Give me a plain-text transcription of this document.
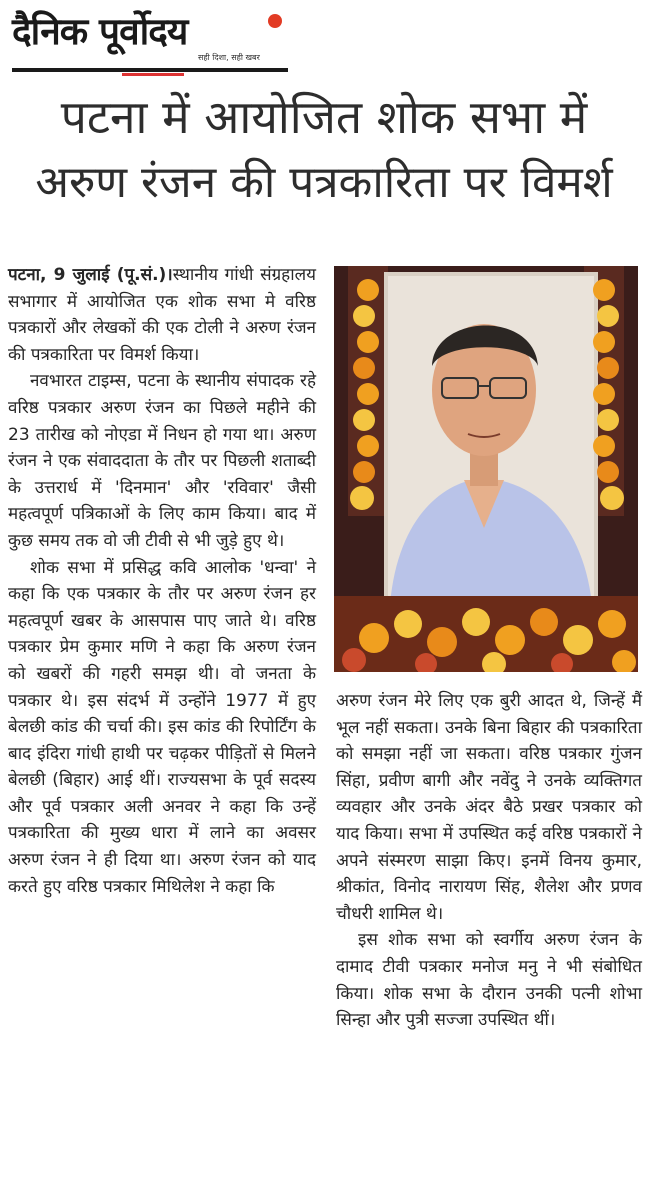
दैनिक पूर्वोदय
सही दिशा, सही खबर
पटना में आयोजित शोक सभा में
अरुण रंजन की पत्रकारिता पर विमर्श

पटना, 9 जुलाई (पू.सं.)।स्थानीय गांधी संग्रहालय सभागार में आयोजित एक शोक सभा मे वरिष्ठ पत्रकारों और लेखकों की एक टोली ने अरुण रंजन की पत्रकारिता पर विमर्श किया।

नवभारत टाइम्स, पटना के स्थानीय संपादक रहे वरिष्ठ पत्रकार अरुण रंजन का पिछले महीने की 23 तारीख को नोएडा में निधन हो गया था। अरुण रंजन ने एक संवाददाता के तौर पर पिछली शताब्दी के उत्तरार्ध में 'दिनमान' और 'रविवार' जैसी महत्वपूर्ण पत्रिकाओं के लिए काम किया। बाद में कुछ समय तक वो जी टीवी से भी जुड़े हुए थे।

शोक सभा में प्रसिद्ध कवि आलोक 'धन्वा' ने कहा कि एक पत्रकार के तौर पर अरुण रंजन हर महत्वपूर्ण खबर के आसपास पाए जाते थे। वरिष्ठ पत्रकार प्रेम कुमार मणि ने कहा कि अरुण रंजन को खबरों की गहरी समझ थी। वो जनता के पत्रकार थे। इस संदर्भ में उन्होंने 1977 में हुए बेलछी कांड की चर्चा की। इस कांड की रिपोर्टिंग के बाद इंदिरा गांधी हाथी पर चढ़कर पीड़ितों से मिलने बेलछी (बिहार) आई थीं। राज्यसभा के पूर्व सदस्य और पूर्व पत्रकार अली अनवर ने कहा कि उन्हें पत्रकारिता की मुख्य धारा में लाने का अवसर अरुण रंजन ने ही दिया था। अरुण रंजन को याद करते हुए वरिष्ठ पत्रकार मिथिलेश ने कहा कि

अरुण रंजन मेरे लिए एक बुरी आदत थे, जिन्हें मैं भूल नहीं सकता। उनके बिना बिहार की पत्रकारिता को समझा नहीं जा सकता। वरिष्ठ पत्रकार गुंजन सिंहा, प्रवीण बागी और नवेंदु ने उनके व्यक्तिगत व्यवहार और उनके अंदर बैठे प्रखर पत्रकार को याद किया। सभा में उपस्थित कई वरिष्ठ पत्रकारों ने अपने संस्मरण साझा किए। इनमें विनय कुमार, श्रीकांत, विनोद नारायण सिंह, शैलेश और प्रणव चौधरी शामिल थे।

इस शोक सभा को स्वर्गीय अरुण रंजन के दामाद टीवी पत्रकार मनोज मनु ने भी संबोधित किया। शोक सभा के दौरान उनकी पत्नी शोभा सिन्हा और पुत्री सज्जा उपस्थित थीं।
